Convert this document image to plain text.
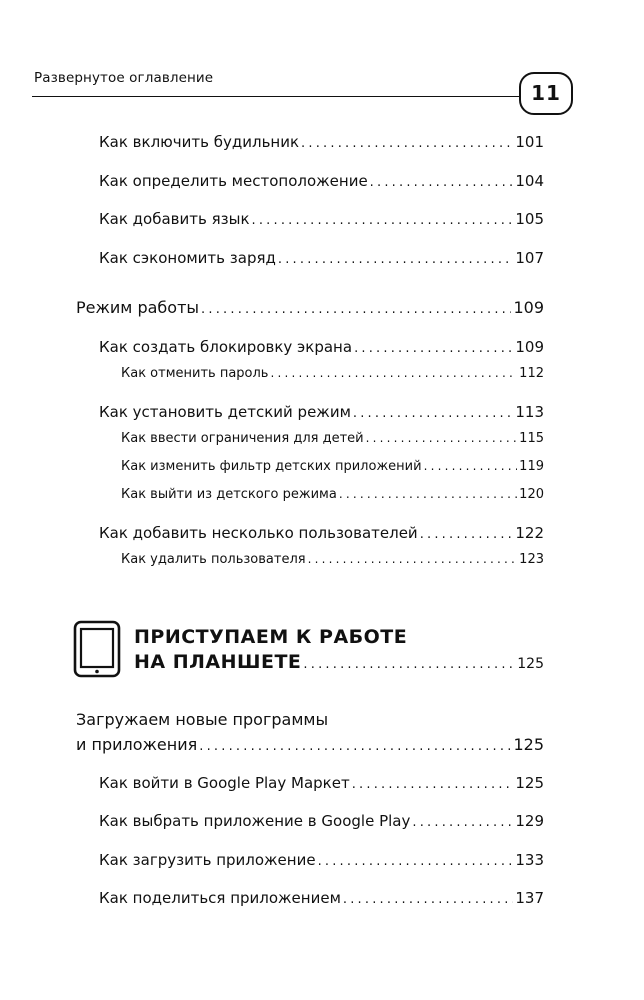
Развернутое оглавление
11
Как включить будильник .....	101
Как определить местоположение .....	104
Как добавить язык .....	105
Как сэкономить заряд .....	107
Режим работы .....	109
Как создать блокировку экрана .....	109
Как отменить пароль .....	112
Как установить детский режим .....	113
Как ввести ограничения для детей .....	115
Как изменить фильтр детских приложений .....	119
Как выйти из детского режима .....	120
Как добавить несколько пользователей .....	122
Как удалить пользователя .....	123
ПРИСТУПАЕМ К РАБОТЕ
НА ПЛАНШЕТЕ .....	125
Загружаем новые программы
и приложения .....	125
Как войти в Google Play Маркет .....	125
Как выбрать приложение в Google Play .....	129
Как загрузить приложение .....	133
Как поделиться приложением .....	137
